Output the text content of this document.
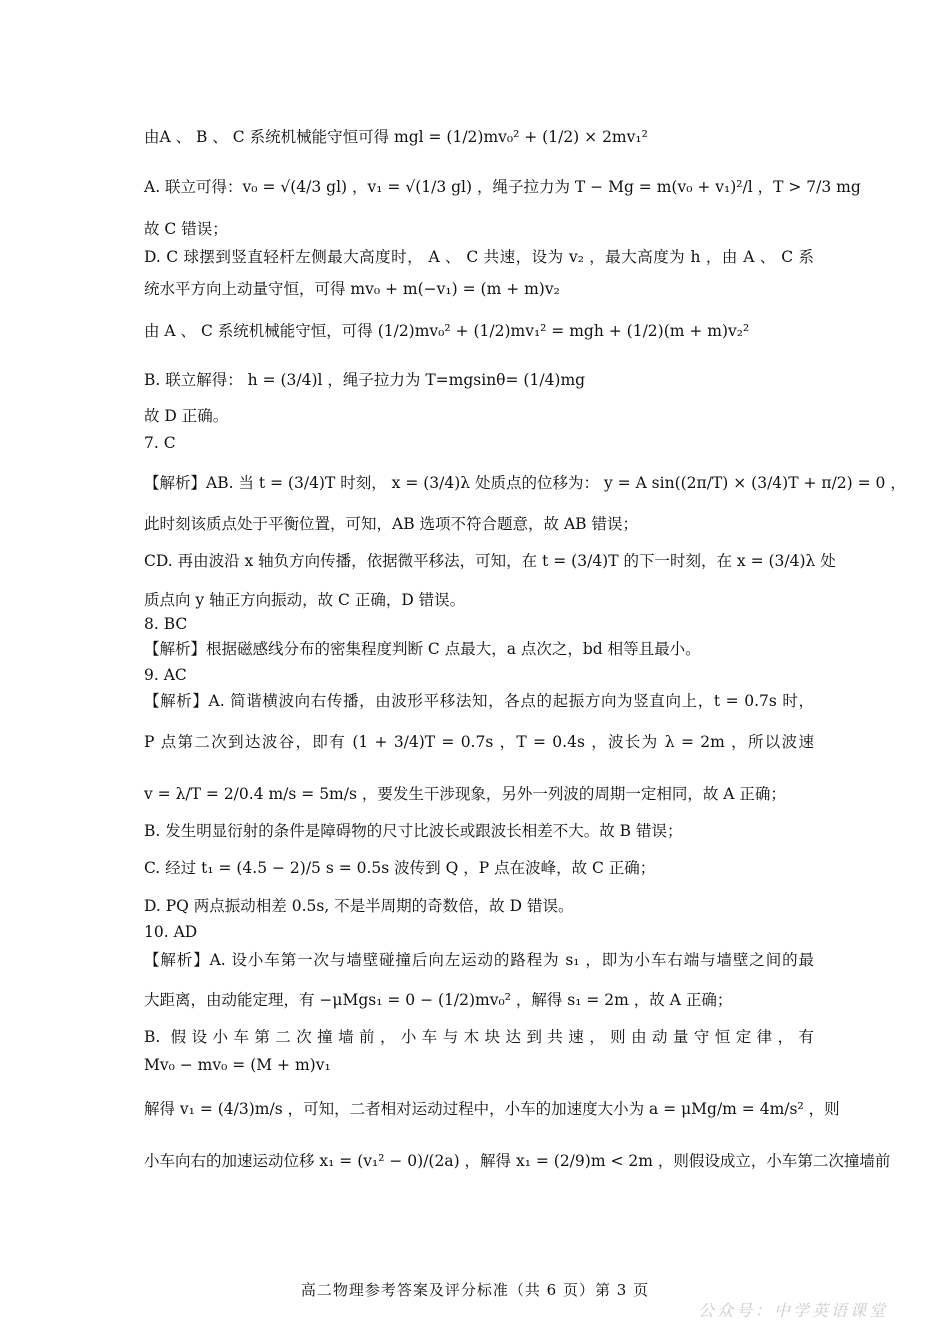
由A 、 B 、 C 系统机械能守恒可得 mgl = (1/2)mv₀² + (1/2) × 2mv₁²
A. 联立可得：v₀ = √(4/3 gl) ，v₁ = √(1/3 gl) ，绳子拉力为 T − Mg = m(v₀ + v₁)²/l ，T > 7/3 mg
故 C 错误；
D. C 球摆到竖直轻杆左侧最大高度时， A 、 C 共速，设为 v₂ ，最大高度为 h ，由 A 、 C 系
统水平方向上动量守恒，可得 mv₀ + m(−v₁) = (m + m)v₂
由 A 、 C 系统机械能守恒，可得 (1/2)mv₀² + (1/2)mv₁² = mgh + (1/2)(m + m)v₂²
B. 联立解得： h = (3/4)l ，绳子拉力为 T=mgsinθ= (1/4)mg
故 D 正确。
7. C
【解析】AB. 当 t = (3/4)T 时刻， x = (3/4)λ 处质点的位移为： y = A sin((2π/T) × (3/4)T + π/2) = 0 ，
此时刻该质点处于平衡位置，可知，AB 选项不符合题意，故 AB 错误；
CD. 再由波沿 x 轴负方向传播，依据微平移法，可知，在 t = (3/4)T 的下一时刻，在 x = (3/4)λ 处
质点向 y 轴正方向振动，故 C 正确，D 错误。
8. BC
【解析】根据磁感线分布的密集程度判断 C 点最大，a 点次之，bd 相等且最小。
9. AC
【解析】A. 简谐横波向右传播，由波形平移法知，各点的起振方向为竖直向上，t = 0.7s 时，
P 点第二次到达波谷，即有 (1 + 3/4)T = 0.7s ，T = 0.4s ，波长为 λ = 2m ，所以波速
v = λ/T = 2/0.4 m/s = 5m/s ，要发生干涉现象，另外一列波的周期一定相同，故 A 正确；
B. 发生明显衍射的条件是障碍物的尺寸比波长或跟波长相差不大。故 B 错误；
C. 经过 t₁ = (4.5 − 2)/5 s = 0.5s 波传到 Q ，P 点在波峰，故 C 正确；
D. PQ 两点振动相差 0.5s, 不是半周期的奇数倍，故 D 错误。
10. AD
【解析】A. 设小车第一次与墙壁碰撞后向左运动的路程为 s₁ ，即为小车右端与墙壁之间的最
大距离，由动能定理，有 −μMgs₁ = 0 − (1/2)mv₀² ，解得 s₁ = 2m ，故 A 正确；
B. 假设小车第二次撞墙前，小车与木块达到共速，则由动量守恒定律，有
Mv₀ − mv₀ = (M + m)v₁
解得 v₁ = (4/3)m/s ，可知，二者相对运动过程中，小车的加速度大小为 a = μMg/m = 4m/s² ，则
小车向右的加速运动位移 x₁ = (v₁² − 0)/(2a) ，解得 x₁ = (2/9)m < 2m ，则假设成立，小车第二次撞墙前
高二物理参考答案及评分标准（共 6 页）第 3 页
公众号：中学英语课堂
